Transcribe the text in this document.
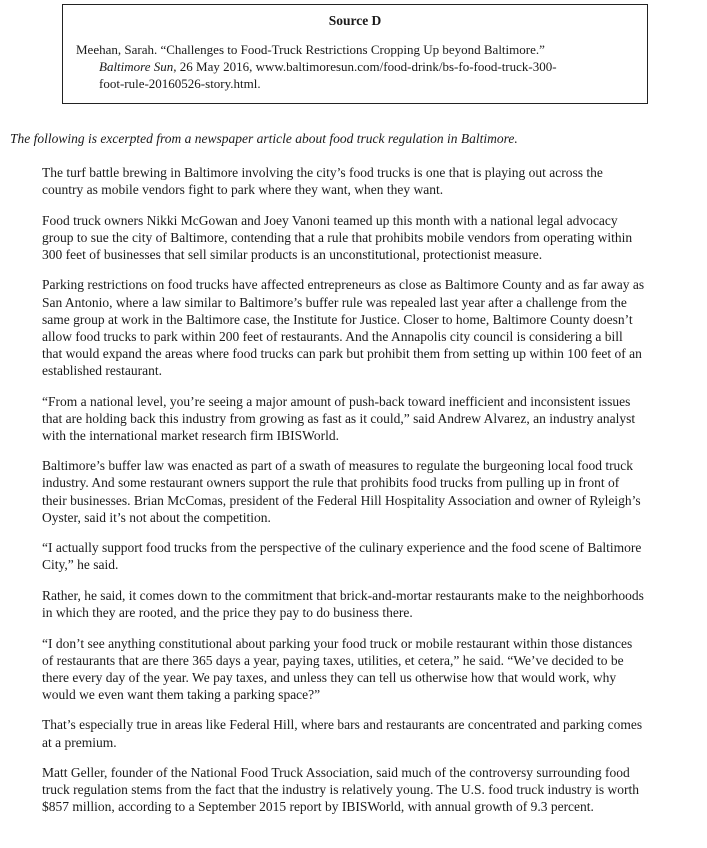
Source D
Meehan, Sarah. “Challenges to Food-Truck Restrictions Cropping Up beyond Baltimore.”
Baltimore Sun, 26 May 2016, www.baltimoresun.com/food-drink/bs-fo-food-truck-300-
foot-rule-20160526-story.html.
The following is excerpted from a newspaper article about food truck regulation in Baltimore.

The turf battle brewing in Baltimore involving the city’s food trucks is one that is playing out across the
country as mobile vendors fight to park where they want, when they want.

Food truck owners Nikki McGowan and Joey Vanoni teamed up this month with a national legal advocacy
group to sue the city of Baltimore, contending that a rule that prohibits mobile vendors from operating within
300 feet of businesses that sell similar products is an unconstitutional, protectionist measure.

Parking restrictions on food trucks have affected entrepreneurs as close as Baltimore County and as far away as
San Antonio, where a law similar to Baltimore’s buffer rule was repealed last year after a challenge from the
same group at work in the Baltimore case, the Institute for Justice. Closer to home, Baltimore County doesn’t
allow food trucks to park within 200 feet of restaurants. And the Annapolis city council is considering a bill
that would expand the areas where food trucks can park but prohibit them from setting up within 100 feet of an
established restaurant.

“From a national level, you’re seeing a major amount of push-back toward inefficient and inconsistent issues
that are holding back this industry from growing as fast as it could,” said Andrew Alvarez, an industry analyst
with the international market research firm IBISWorld.

Baltimore’s buffer law was enacted as part of a swath of measures to regulate the burgeoning local food truck
industry. And some restaurant owners support the rule that prohibits food trucks from pulling up in front of
their businesses. Brian McComas, president of the Federal Hill Hospitality Association and owner of Ryleigh’s
Oyster, said it’s not about the competition.

“I actually support food trucks from the perspective of the culinary experience and the food scene of Baltimore
City,” he said.

Rather, he said, it comes down to the commitment that brick-and-mortar restaurants make to the neighborhoods
in which they are rooted, and the price they pay to do business there.

“I don’t see anything constitutional about parking your food truck or mobile restaurant within those distances
of restaurants that are there 365 days a year, paying taxes, utilities, et cetera,” he said. “We’ve decided to be
there every day of the year. We pay taxes, and unless they can tell us otherwise how that would work, why
would we even want them taking a parking space?”

That’s especially true in areas like Federal Hill, where bars and restaurants are concentrated and parking comes
at a premium.

Matt Geller, founder of the National Food Truck Association, said much of the controversy surrounding food
truck regulation stems from the fact that the industry is relatively young. The U.S. food truck industry is worth
$857 million, according to a September 2015 report by IBISWorld, with annual growth of 9.3 percent.
